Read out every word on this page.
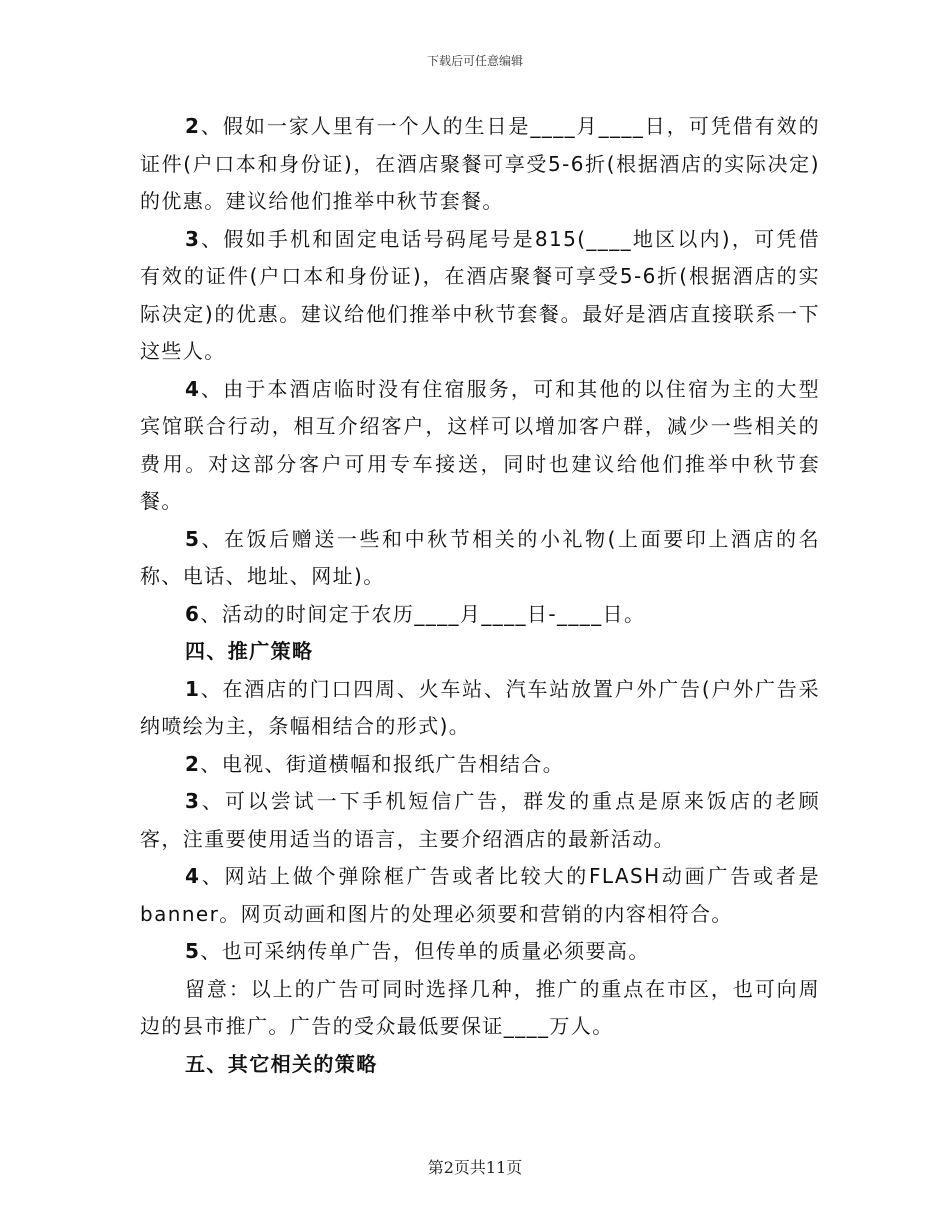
下载后可任意编辑

2、假如一家人里有一个人的生日是____月____日，可凭借有效的证件(户口本和身份证)，在酒店聚餐可享受5-6折(根据酒店的实际决定)的优惠。建议给他们推举中秋节套餐。

3、假如手机和固定电话号码尾号是815(____地区以内)，可凭借有效的证件(户口本和身份证)，在酒店聚餐可享受5-6折(根据酒店的实际决定)的优惠。建议给他们推举中秋节套餐。最好是酒店直接联系一下这些人。

4、由于本酒店临时没有住宿服务，可和其他的以住宿为主的大型宾馆联合行动，相互介绍客户，这样可以增加客户群，减少一些相关的费用。对这部分客户可用专车接送，同时也建议给他们推举中秋节套餐。

5、在饭后赠送一些和中秋节相关的小礼物(上面要印上酒店的名称、电话、地址、网址)。

6、活动的时间定于农历____月____日-____日。

四、推广策略

1、在酒店的门口四周、火车站、汽车站放置户外广告(户外广告采纳喷绘为主，条幅相结合的形式)。

2、电视、街道横幅和报纸广告相结合。

3、可以尝试一下手机短信广告，群发的重点是原来饭店的老顾客，注重要使用适当的语言，主要介绍酒店的最新活动。

4、网站上做个弹除框广告或者比较大的FLASH动画广告或者是banner。网页动画和图片的处理必须要和营销的内容相符合。

5、也可采纳传单广告，但传单的质量必须要高。

留意：以上的广告可同时选择几种，推广的重点在市区，也可向周边的县市推广。广告的受众最低要保证____万人。

五、其它相关的策略

第2页共11页
